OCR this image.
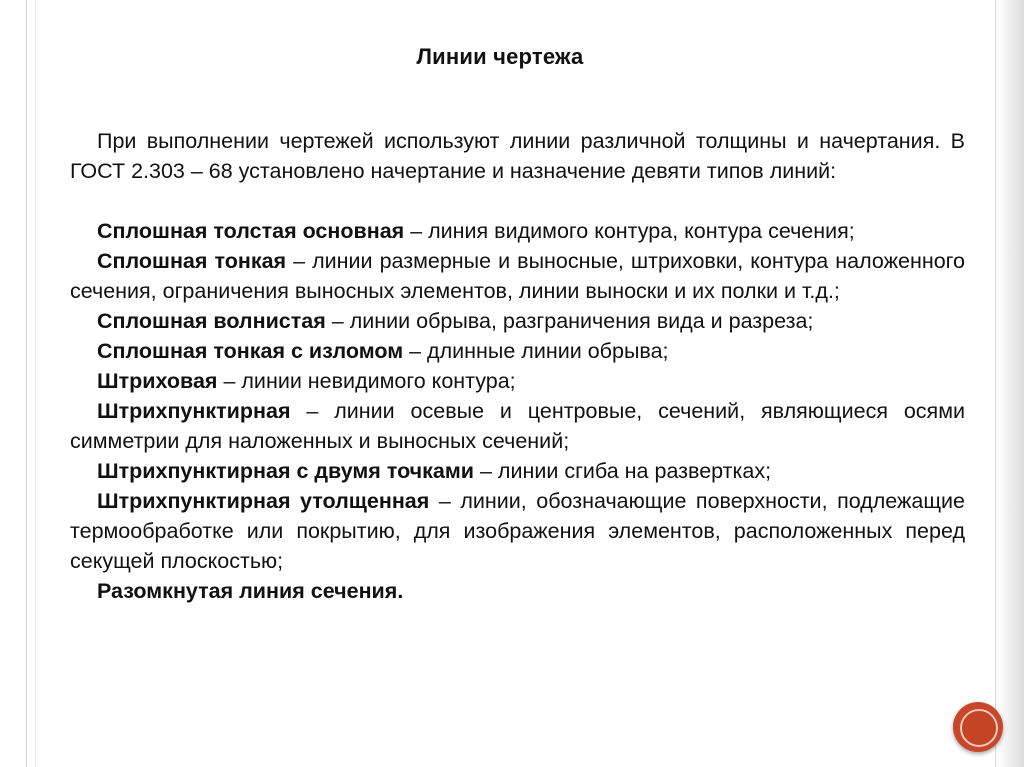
Линии чертежа

При выполнении чертежей используют линии различной толщины и начертания. В ГОСТ 2.303 – 68 установлено начертание и назначение девяти типов линий:

Сплошная толстая основная – линия видимого контура, контура сечения;

Сплошная тонкая – линии размерные и выносные, штриховки, контура наложенного сечения, ограничения выносных элементов, линии выноски и их полки и т.д.;

Сплошная волнистая – линии обрыва, разграничения вида и разреза;

Сплошная тонкая с изломом – длинные линии обрыва;

Штриховая – линии невидимого контура;

Штрихпунктирная – линии осевые и центровые, сечений, являющиеся осями симметрии для наложенных и выносных сечений;

Штрихпунктирная с двумя точками – линии сгиба на развертках;

Штрихпунктирная утолщенная – линии, обозначающие поверхности, подлежащие термообработке или покрытию, для изображения элементов, расположенных перед секущей плоскостью;

Разомкнутая линия сечения.
